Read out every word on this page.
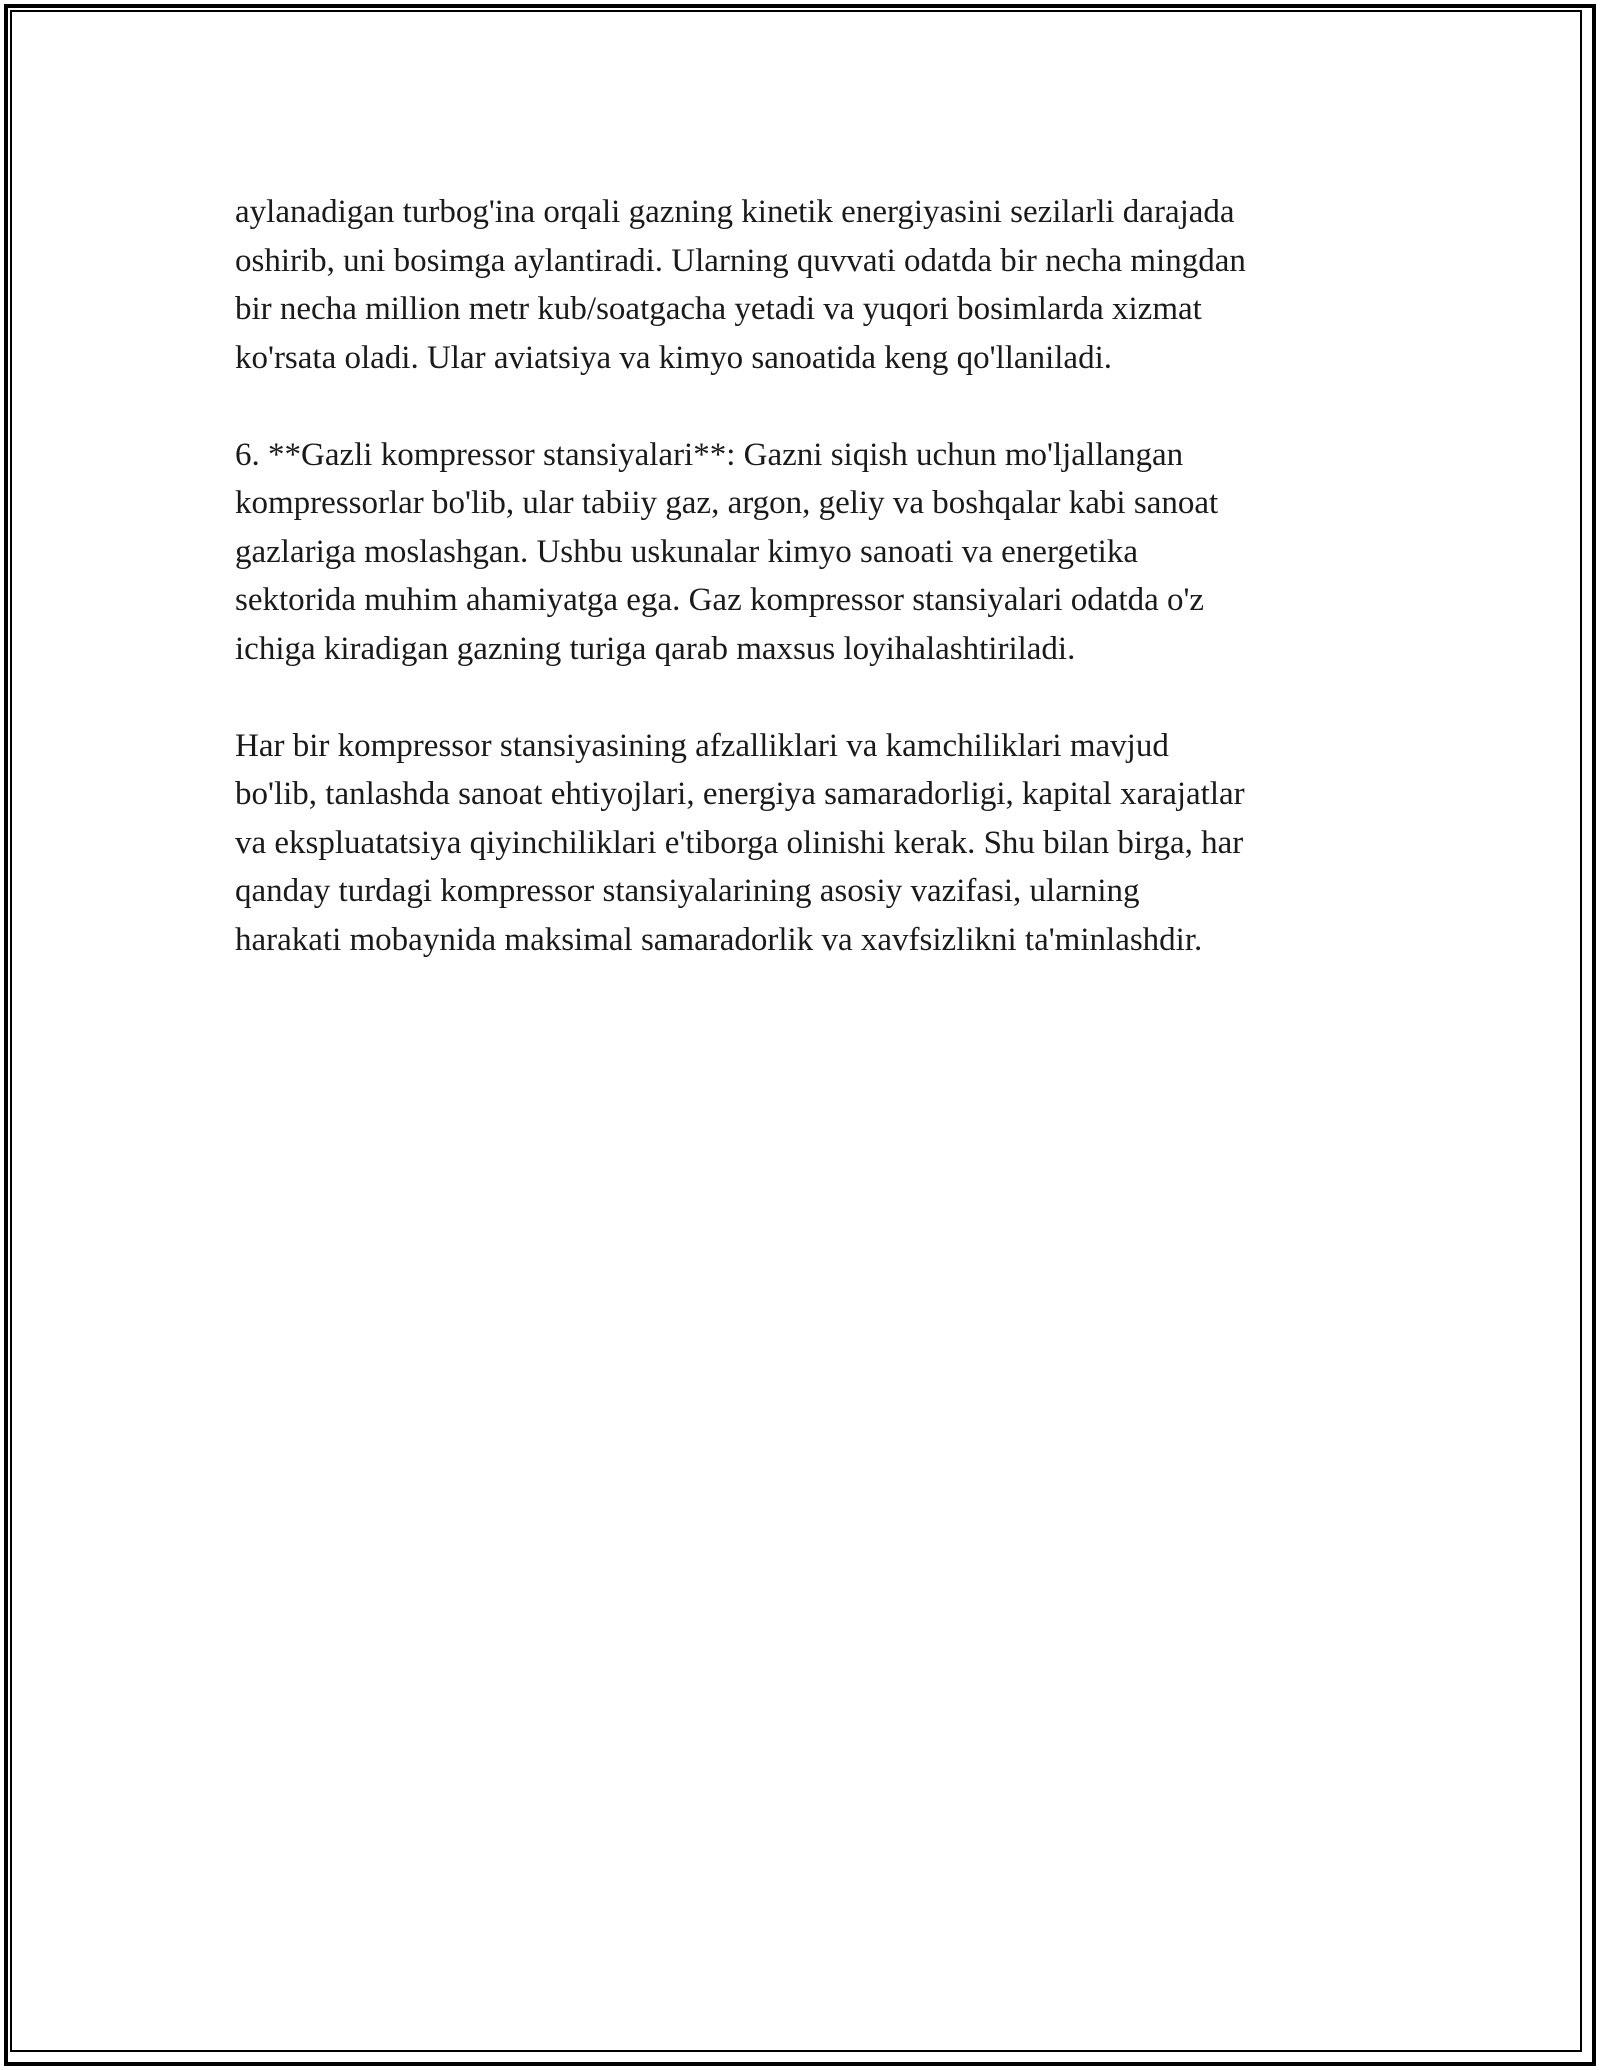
aylanadigan turbog'ina orqali gazning kinetik energiyasini sezilarli darajada
oshirib, uni bosimga aylantiradi. Ularning quvvati odatda bir necha mingdan
bir necha million metr kub/soatgacha yetadi va yuqori bosimlarda xizmat
ko'rsata oladi. Ular aviatsiya va kimyo sanoatida keng qo'llaniladi.

6. **Gazli kompressor stansiyalari**: Gazni siqish uchun mo'ljallangan
kompressorlar bo'lib, ular tabiiy gaz, argon, geliy va boshqalar kabi sanoat
gazlariga moslashgan. Ushbu uskunalar kimyo sanoati va energetika
sektorida muhim ahamiyatga ega. Gaz kompressor stansiyalari odatda o'z
ichiga kiradigan gazning turiga qarab maxsus loyihalashtiriladi.

Har bir kompressor stansiyasining afzalliklari va kamchiliklari mavjud
bo'lib, tanlashda sanoat ehtiyojlari, energiya samaradorligi, kapital xarajatlar
va ekspluatatsiya qiyinchiliklari e'tiborga olinishi kerak. Shu bilan birga, har
qanday turdagi kompressor stansiyalarining asosiy vazifasi, ularning
harakati mobaynida maksimal samaradorlik va xavfsizlikni ta'minlashdir.
